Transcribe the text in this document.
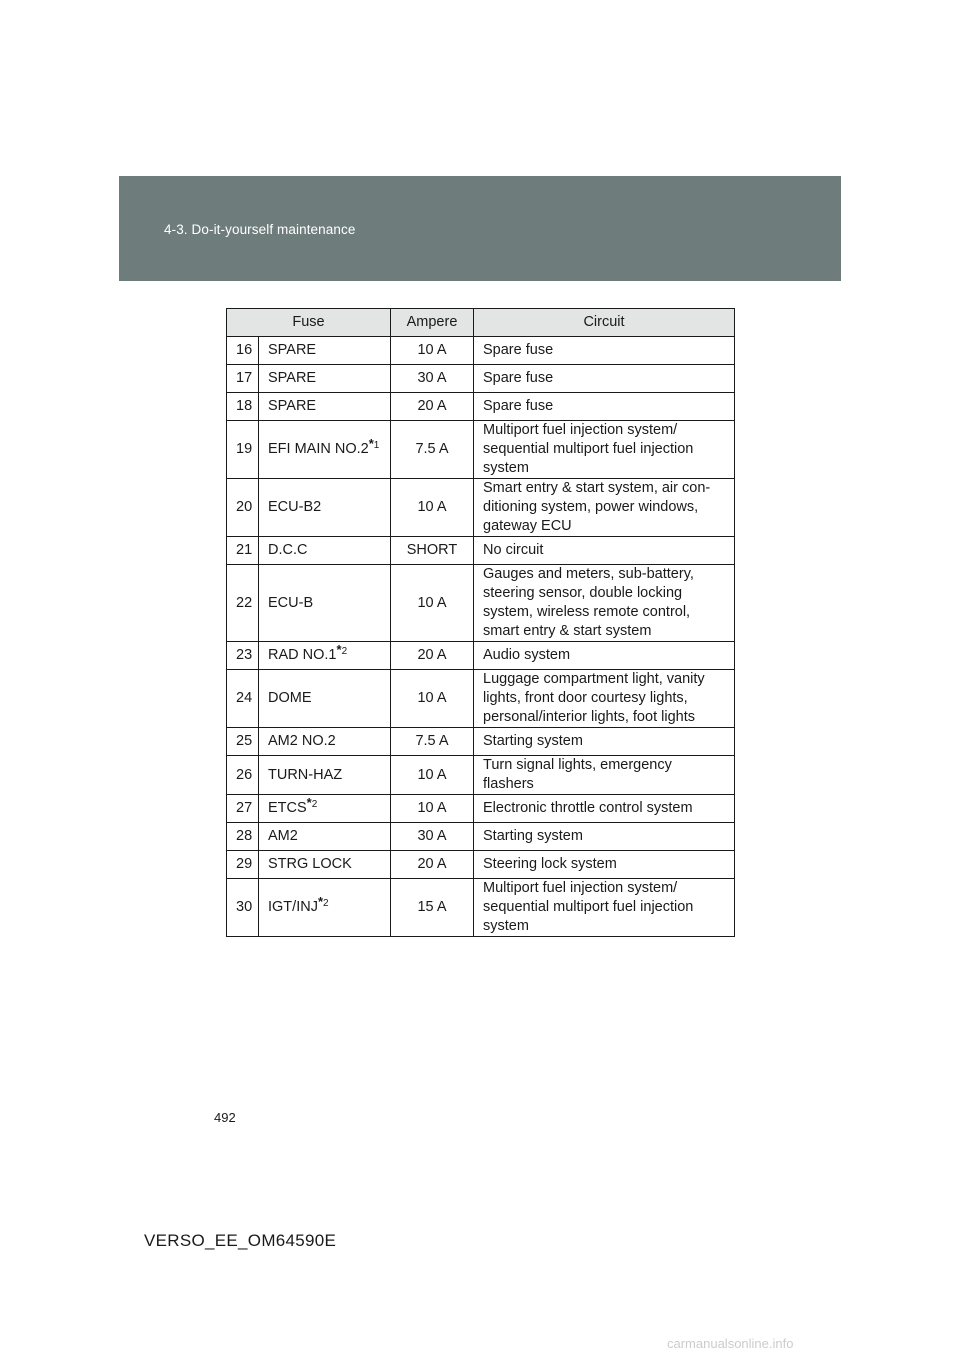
4-3. Do-it-yourself maintenance
Fuse		Ampere	Circuit
16	SPARE	10 A	Spare fuse
17	SPARE	30 A	Spare fuse
18	SPARE	20 A	Spare fuse
19	EFI MAIN NO.2$^{*1}$	7.5 A	Multiport fuel injection system/ sequential multiport fuel injection system
20	ECU-B2	10 A	Smart entry & start system, air con-ditioning system, power windows, gateway ECU
21	D.C.C	SHORT	No circuit
22	ECU-B	10 A	Gauges and meters, sub-battery, steering sensor, double locking system, wireless remote control, smart entry & start system
23	RAD NO.1$^{*2}$	20 A	Audio system
24	DOME	10 A	Luggage compartment light, vanity lights, front door courtesy lights, personal/interior lights, foot lights
25	AM2 NO.2	7.5 A	Starting system
26	TURN-HAZ	10 A	Turn signal lights, emergency flashers
27	ETCS$^{*2}$	10 A	Electronic throttle control system
28	AM2	30 A	Starting system
29	STRG LOCK	20 A	Steering lock system
30	IGT/INJ$^{*2}$	15 A	Multiport fuel injection system/ sequential multiport fuel injection system
492
VERSO_EE_OM64590E
carmanualsonline.info
